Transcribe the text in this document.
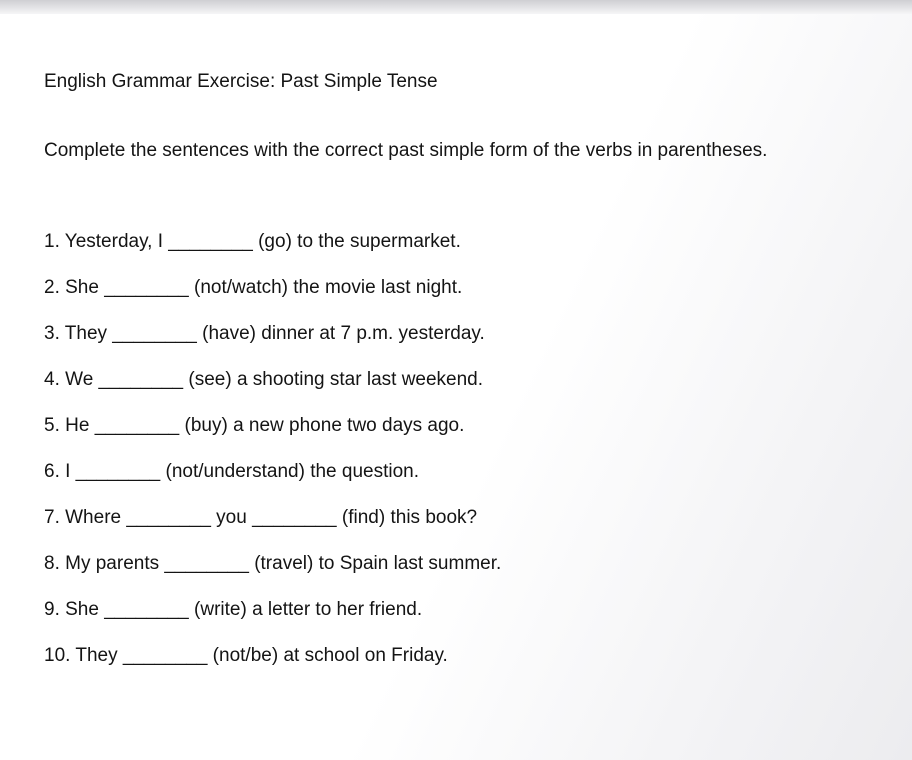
English Grammar Exercise: Past Simple Tense
Complete the sentences with the correct past simple form of the verbs in parentheses.
1. Yesterday, I ________ (go) to the supermarket.
2. She ________ (not/watch) the movie last night.
3. They ________ (have) dinner at 7 p.m. yesterday.
4. We ________ (see) a shooting star last weekend.
5. He ________ (buy) a new phone two days ago.
6. I ________ (not/understand) the question.
7. Where ________ you ________ (find) this book?
8. My parents ________ (travel) to Spain last summer.
9. She ________ (write) a letter to her friend.
10. They ________ (not/be) at school on Friday.
